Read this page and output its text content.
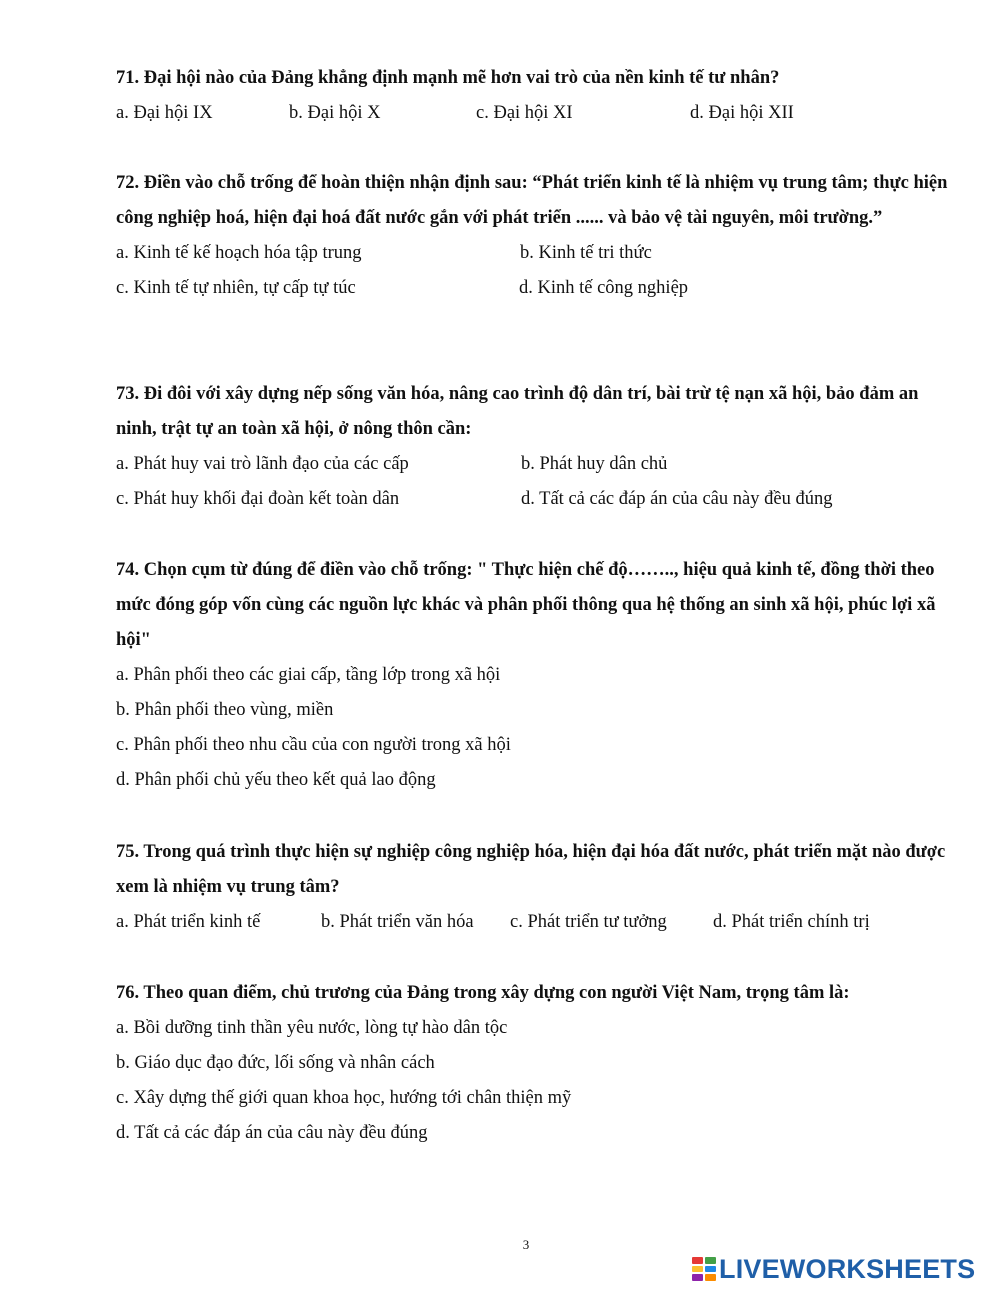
71. Đại hội nào của Đảng khẳng định mạnh mẽ hơn vai trò của nền kinh tế tư nhân?
a. Đại hội IX	b. Đại hội X	c. Đại hội XI	d. Đại hội XII
72. Điền vào chỗ trống để hoàn thiện nhận định sau: “Phát triển kinh tế là nhiệm vụ trung tâm; thực hiện công nghiệp hoá, hiện đại hoá đất nước gắn với phát triển ...... và bảo vệ tài nguyên, môi trường.”
a. Kinh tế kế hoạch hóa tập trung	b. Kinh tế tri thức
c. Kinh tế tự nhiên, tự cấp tự túc	d. Kinh tế công nghiệp
73. Đi đôi với xây dựng nếp sống văn hóa, nâng cao trình độ dân trí, bài trừ tệ nạn xã hội, bảo đảm an ninh, trật tự an toàn xã hội, ở nông thôn cần:
a. Phát huy vai trò lãnh đạo của các cấp	b. Phát huy dân chủ
c. Phát huy khối đại đoàn kết toàn dân	d. Tất cả các đáp án của câu này đều đúng
74. Chọn cụm từ đúng để điền vào chỗ trống: " Thực hiện chế độ…….., hiệu quả kinh tế, đồng thời theo mức đóng góp vốn cùng các nguồn lực khác và phân phối thông qua hệ thống an sinh xã hội, phúc lợi xã hội"
a. Phân phối theo các giai cấp, tầng lớp trong xã hội
b. Phân phối theo vùng, miền
c. Phân phối theo nhu cầu của con người trong xã hội
d. Phân phối chủ yếu theo kết quả lao động
75. Trong quá trình thực hiện sự nghiệp công nghiệp hóa, hiện đại hóa đất nước, phát triển mặt nào được xem là nhiệm vụ trung tâm?
a. Phát triển kinh tế	b. Phát triển văn hóa c. Phát triển tư tưởng	d. Phát triển chính trị
76. Theo quan điểm, chủ trương của Đảng trong xây dựng con người Việt Nam, trọng tâm là:
a. Bồi dưỡng tinh thần yêu nước, lòng tự hào dân tộc
b. Giáo dục đạo đức, lối sống và nhân cách
c. Xây dựng thế giới quan khoa học, hướng tới chân thiện mỹ
d. Tất cả các đáp án của câu này đều đúng
3
LIVEWORKSHEETS
